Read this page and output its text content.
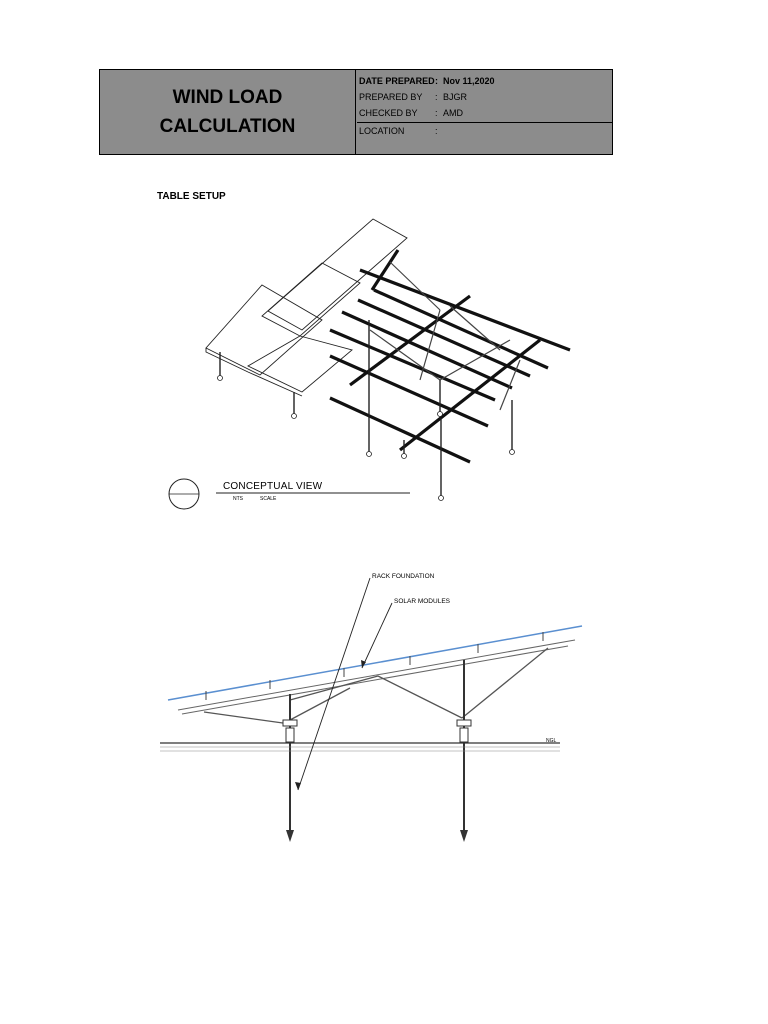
WIND LOAD
CALCULATION
DATE PREPARED : Nov 11,2020
PREPARED BY	: BJGR
CHECKED BY	: AMD
LOCATION	:
TABLE SETUP
CONCEPTUAL VIEW
NTS	SCALE
RACK FOUNDATION
SOLAR MODULES
NGL
